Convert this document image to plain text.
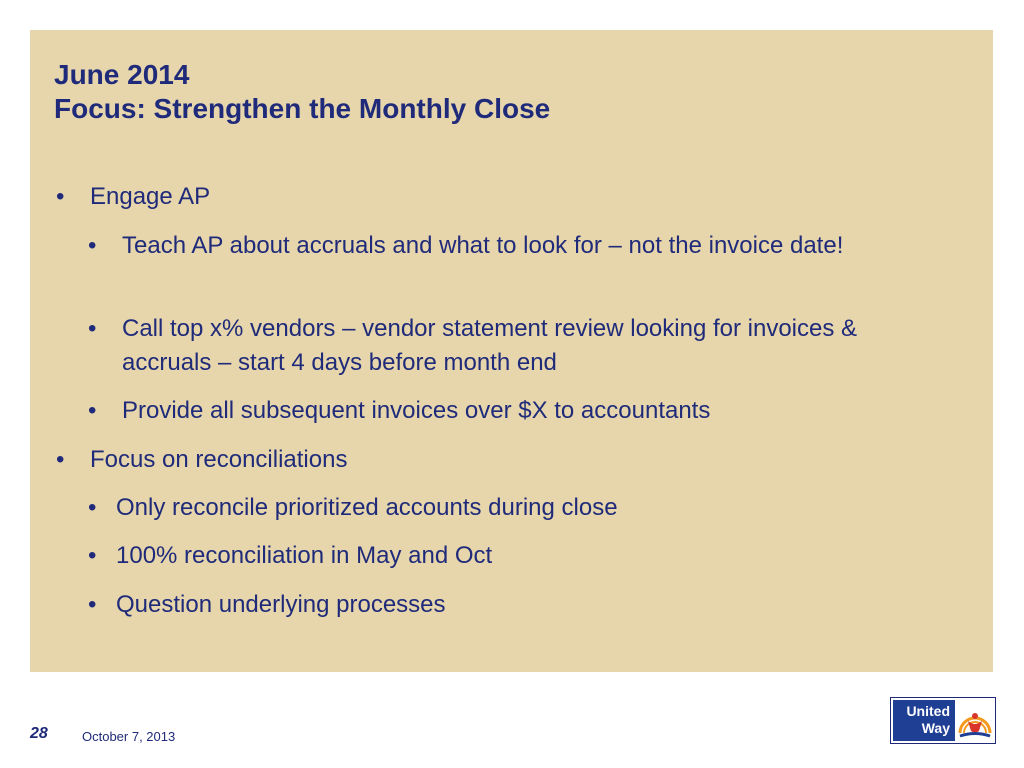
June 2014
Focus: Strengthen the Monthly Close
• Engage AP
• Teach AP about accruals and what to look for – not the invoice date!
• Call top x% vendors – vendor statement review looking for invoices & accruals – start 4 days before month end
• Provide all subsequent invoices over $X to accountants
• Focus on reconciliations
• Only reconcile prioritized accounts during close
• 100% reconciliation in May and Oct
• Question underlying processes
28	October 7, 2013
United
Way
